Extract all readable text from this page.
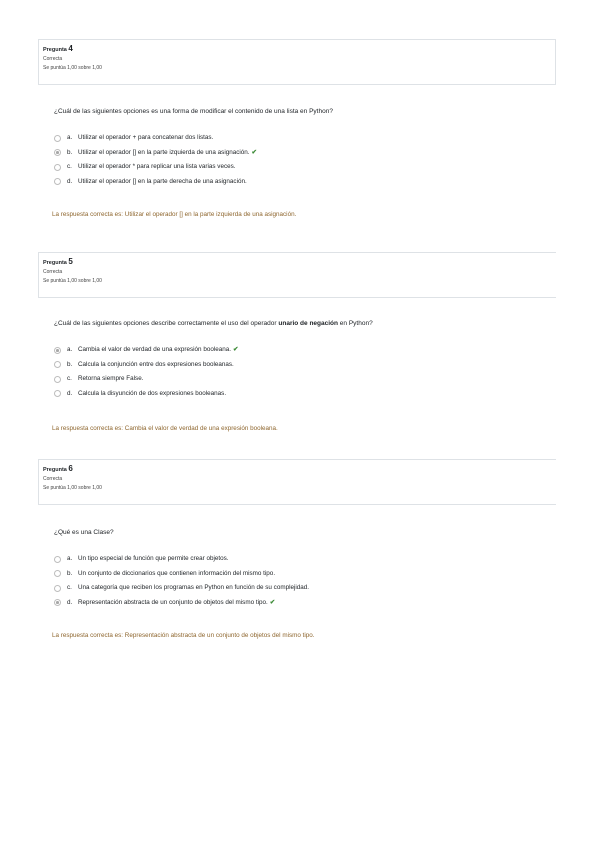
Pregunta 4
Correcta
Se puntúa 1,00 sobre 1,00
¿Cuál de las siguientes opciones es una forma de modificar el contenido de una lista en Python?
a. Utilizar el operador + para concatenar dos listas.
b. Utilizar el operador [] en la parte izquierda de una asignación. ✔
c. Utilizar el operador * para replicar una lista varias veces.
d. Utilizar el operador [] en la parte derecha de una asignación.
La respuesta correcta es: Utilizar el operador [] en la parte izquierda de una asignación.
Pregunta 5
Correcta
Se puntúa 1,00 sobre 1,00
¿Cuál de las siguientes opciones describe correctamente el uso del operador unario de negación en Python?
a. Cambia el valor de verdad de una expresión booleana. ✔
b. Calcula la conjunción entre dos expresiones booleanas.
c. Retorna siempre False.
d. Calcula la disyunción de dos expresiones booleanas.
La respuesta correcta es: Cambia el valor de verdad de una expresión booleana.
Pregunta 6
Correcta
Se puntúa 1,00 sobre 1,00
¿Qué es una Clase?
a. Un tipo especial de función que permite crear objetos.
b. Un conjunto de diccionarios que contienen información del mismo tipo.
c. Una categoría que reciben los programas en Python en función de su complejidad.
d. Representación abstracta de un conjunto de objetos del mismo tipo. ✔
La respuesta correcta es: Representación abstracta de un conjunto de objetos del mismo tipo.
